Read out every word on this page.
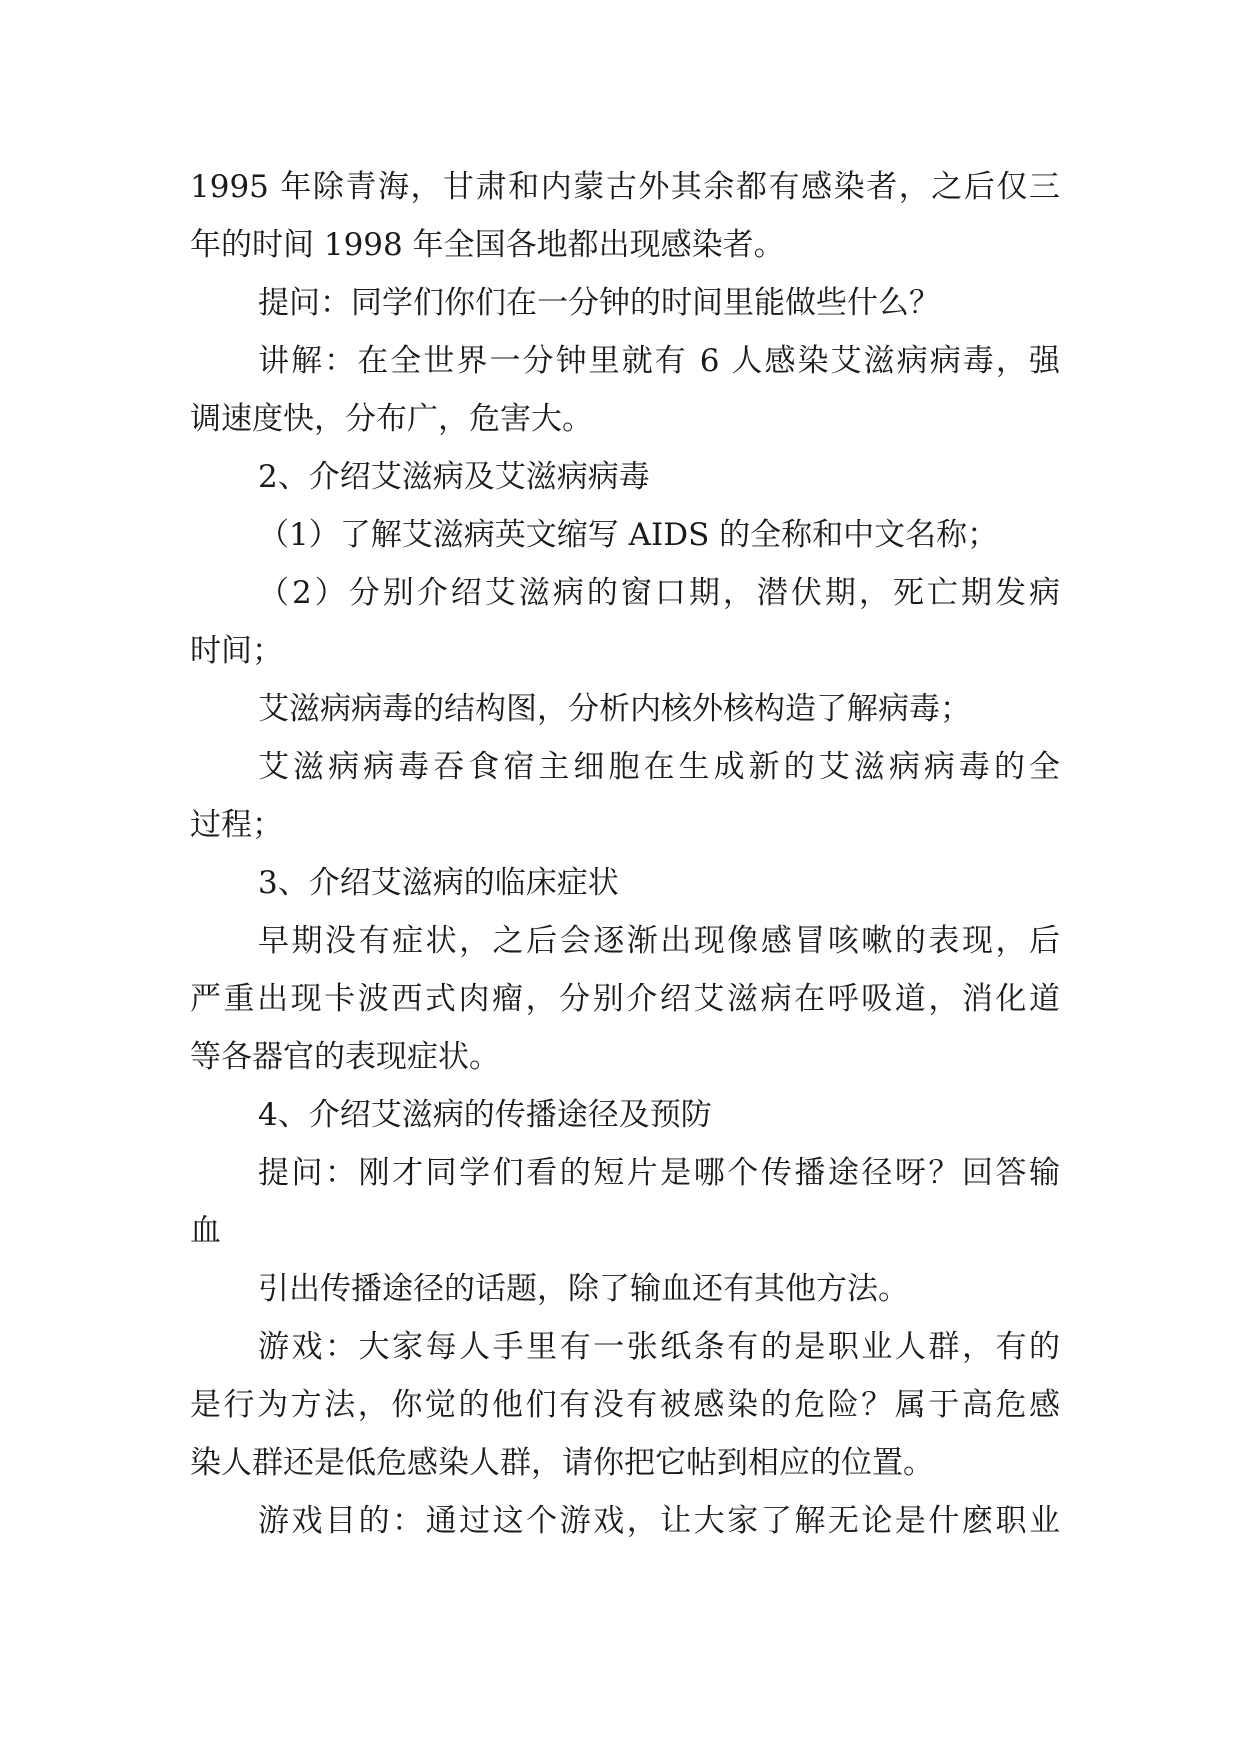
1995 年除青海，甘肃和内蒙古外其余都有感染者，之后仅三
年的时间 1998 年全国各地都出现感染者。
提问：同学们你们在一分钟的时间里能做些什么？
讲解：在全世界一分钟里就有 6 人感染艾滋病病毒，强
调速度快，分布广，危害大。
2、介绍艾滋病及艾滋病病毒
（1）了解艾滋病英文缩写 AIDS 的全称和中文名称；
（2）分别介绍艾滋病的窗口期，潜伏期，死亡期发病
时间；
艾滋病病毒的结构图，分析内核外核构造了解病毒；
艾滋病病毒吞食宿主细胞在生成新的艾滋病病毒的全
过程；
3、介绍艾滋病的临床症状
早期没有症状，之后会逐渐出现像感冒咳嗽的表现，后
严重出现卡波西式肉瘤，分别介绍艾滋病在呼吸道，消化道
等各器官的表现症状。
4、介绍艾滋病的传播途径及预防
提问：刚才同学们看的短片是哪个传播途径呀？回答输
血
引出传播途径的话题，除了输血还有其他方法。
游戏：大家每人手里有一张纸条有的是职业人群，有的
是行为方法，你觉的他们有没有被感染的危险？属于高危感
染人群还是低危感染人群，请你把它帖到相应的位置。
游戏目的：通过这个游戏，让大家了解无论是什麽职业
